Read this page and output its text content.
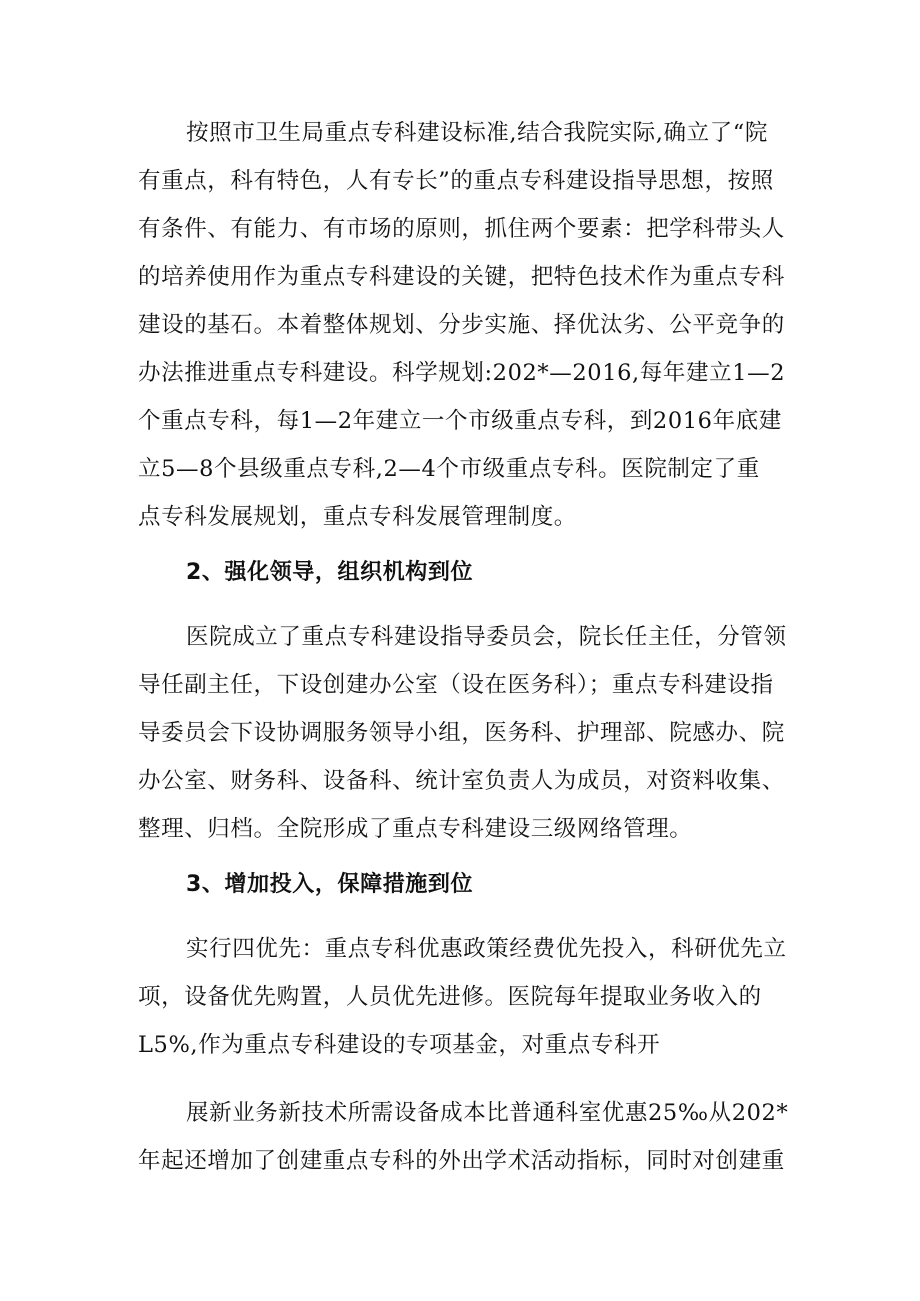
按照市卫生局重点专科建设标准,结合我院实际,确立了“院
有重点，科有特色，人有专长”的重点专科建设指导思想，按照
有条件、有能力、有市场的原则，抓住两个要素：把学科带头人
的培养使用作为重点专科建设的关键，把特色技术作为重点专科
建设的基石。本着整体规划、分步实施、择优汰劣、公平竞争的
办法推进重点专科建设。科学规划:202*—2016,每年建立1—2
个重点专科，每1—2年建立一个市级重点专科，到2016年底建
立5—8个县级重点专科,2—4个市级重点专科。医院制定了重
点专科发展规划，重点专科发展管理制度。
2、强化领导，组织机构到位
医院成立了重点专科建设指导委员会，院长任主任，分管领
导任副主任，下设创建办公室（设在医务科）；重点专科建设指
导委员会下设协调服务领导小组，医务科、护理部、院感办、院
办公室、财务科、设备科、统计室负责人为成员，对资料收集、
整理、归档。全院形成了重点专科建设三级网络管理。
3、增加投入，保障措施到位
实行四优先：重点专科优惠政策经费优先投入，科研优先立
项，设备优先购置，人员优先进修。医院每年提取业务收入的
L5%,作为重点专科建设的专项基金，对重点专科开
展新业务新技术所需设备成本比普通科室优惠25‰从202*
年起还增加了创建重点专科的外出学术活动指标，同时对创建重
